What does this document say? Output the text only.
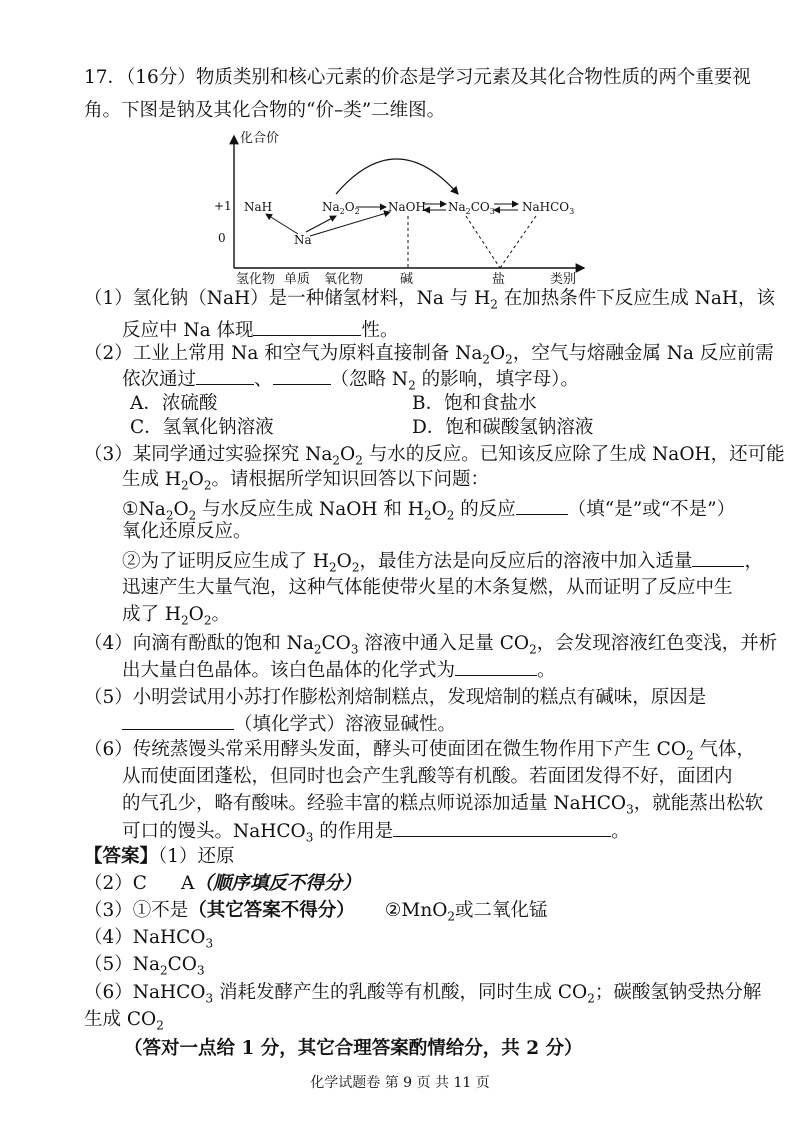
17．（16分）物质类别和核心元素的价态是学习元素及其化合物性质的两个重要视
角。下图是钠及其化合物的“价–类”二维图。
化合价
+1
0
NaH
Na
$Na_2O_2$ NaOH $Na_2CO_3$ NaHCO$_3$
氢化物 单质 氧化物	碱	盐	类别
（1）氢化钠（NaH）是一种储氢材料，Na 与 $H_2$ 在加热条件下反应生成 NaH，该
反应中 Na 体现	性。
（2）工业上常用 Na 和空气为原料直接制备 $Na_2O_2$，空气与熔融金属 Na 反应前需
依次通过	、	（忽略 $N_2$ 的影响，填字母）。
A．浓硫酸	B．饱和食盐水
C．氢氧化钠溶液	D．饱和碳酸氢钠溶液
（3）某同学通过实验探究 $Na_2O_2$ 与水的反应。已知该反应除了生成 NaOH，还可能
生成 $H_2O_2$。请根据所学知识回答以下问题：
$①Na_2O_2$ 与水反应生成 NaOH 和 $H_2O_2$ 的反应	（填“是”或“不是”）
氧化还原反应。
②为了证明反应生成了 $H_2O_2$，最佳方法是向反应后的溶液中加入适量	，
迅速产生大量气泡，这种气体能使带火星的木条复燃，从而证明了反应中生
成了 $H_2O_2$。
（4）向滴有酚酞的饱和 $Na_2CO_3$ 溶液中通入足量 $CO_2$，会发现溶液红色变浅，并析
出大量白色晶体。该白色晶体的化学式为	。
（5）小明尝试用小苏打作膨松剂焙制糕点，发现焙制的糕点有碱味，原因是
（填化学式）溶液显碱性。
（6）传统蒸馒头常采用酵头发面，酵头可使面团在微生物作用下产生 $CO_2$ 气体，
从而使面团蓬松，但同时也会产生乳酸等有机酸。若面团发得不好，面团内
的气孔少，略有酸味。经验丰富的糕点师说添加适量 NaHCO$_3$，就能蒸出松软
可口的馒头。NaHCO$_3$ 的作用是	。
【答案】（1）还原
（2）C A（顺序填反不得分）
（3）①不是（其它答案不得分） ②MnO$_2$或二氧化锰
（4）NaHCO$_3$
$(5)Na_2CO_3$
（6）NaHCO$_3$ 消耗发酵产生的乳酸等有机酸，同时生成 $CO_2$；碳酸氢钠受热分解
生成 $CO_2$
（答对一点给 1 分，其它合理答案酌情给分，共 2 分）
化学试题卷 第 9 页 共 11 页
